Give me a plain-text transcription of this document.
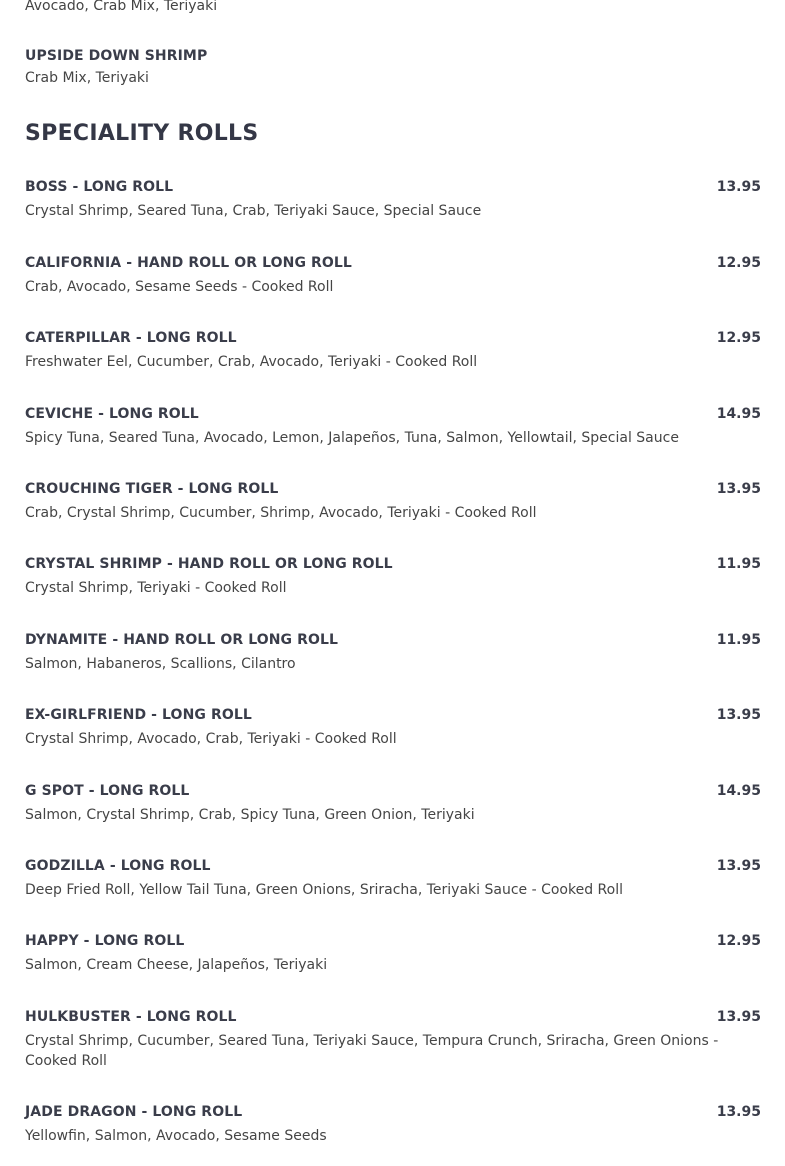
Avocado, Crab Mix, Teriyaki
UPSIDE DOWN SHRIMP
Crab Mix, Teriyaki
SPECIALITY ROLLS
BOSS - LONG ROLL	13.95
Crystal Shrimp, Seared Tuna, Crab, Teriyaki Sauce, Special Sauce
CALIFORNIA - HAND ROLL OR LONG ROLL	12.95
Crab, Avocado, Sesame Seeds - Cooked Roll
CATERPILLAR - LONG ROLL	12.95
Freshwater Eel, Cucumber, Crab, Avocado, Teriyaki - Cooked Roll
CEVICHE - LONG ROLL	14.95
Spicy Tuna, Seared Tuna, Avocado, Lemon, Jalapeños, Tuna, Salmon, Yellowtail, Special Sauce
CROUCHING TIGER - LONG ROLL	13.95
Crab, Crystal Shrimp, Cucumber, Shrimp, Avocado, Teriyaki - Cooked Roll
CRYSTAL SHRIMP - HAND ROLL OR LONG ROLL	11.95
Crystal Shrimp, Teriyaki - Cooked Roll
DYNAMITE - HAND ROLL OR LONG ROLL	11.95
Salmon, Habaneros, Scallions, Cilantro
EX-GIRLFRIEND - LONG ROLL	13.95
Crystal Shrimp, Avocado, Crab, Teriyaki - Cooked Roll
G SPOT - LONG ROLL	14.95
Salmon, Crystal Shrimp, Crab, Spicy Tuna, Green Onion, Teriyaki
GODZILLA - LONG ROLL	13.95
Deep Fried Roll, Yellow Tail Tuna, Green Onions, Sriracha, Teriyaki Sauce - Cooked Roll
HAPPY - LONG ROLL	12.95
Salmon, Cream Cheese, Jalapeños, Teriyaki
HULKBUSTER - LONG ROLL	13.95
Crystal Shrimp, Cucumber, Seared Tuna, Teriyaki Sauce, Tempura Crunch, Sriracha, Green Onions - Cooked Roll
JADE DRAGON - LONG ROLL	13.95
Yellowfin, Salmon, Avocado, Sesame Seeds
